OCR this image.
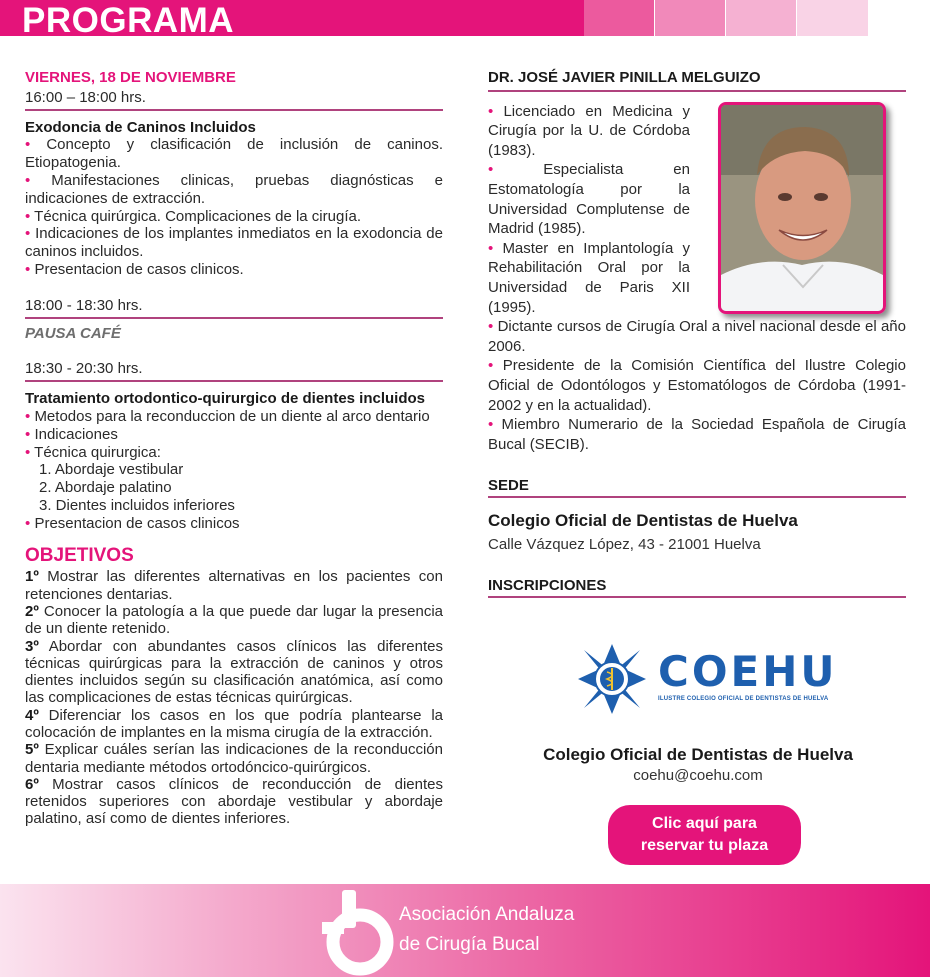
PROGRAMA
VIERNES, 18 DE NOVIEMBRE
16:00 – 18:00 hrs.
Exodoncia de Caninos Incluidos
• Concepto y clasificación de inclusión de caninos. Etiopatogenia.
• Manifestaciones clinicas, pruebas diagnósticas e indicaciones de extracción.
• Técnica quirúrgica. Complicaciones de la cirugía.
• Indicaciones de los implantes inmediatos en la exodoncia de caninos incluidos.
• Presentacion de casos clinicos.
18:00 - 18:30 hrs.
PAUSA CAFÉ
18:30 - 20:30 hrs.
Tratamiento ortodontico-quirurgico de dientes incluidos
• Metodos para la reconduccion de un diente al arco dentario
• Indicaciones
• Técnica quirurgica:
1. Abordaje vestibular
2. Abordaje palatino
3. Dientes incluidos inferiores
• Presentacion de casos clinicos
OBJETIVOS
1º Mostrar las diferentes alternativas en los pacientes con retenciones dentarias.
2º Conocer la patología a la que puede dar lugar la presencia de un diente retenido.
3º Abordar con abundantes casos clínicos las diferentes técnicas quirúrgicas para la extracción de caninos y otros dientes incluidos según su clasificación anatómica, así como las complicaciones de estas técnicas quirúrgicas.
4º Diferenciar los casos en los que podría plantearse la colocación de implantes en la misma cirugía de la extracción.
5º Explicar cuáles serían las indicaciones de la reconducción dentaria mediante métodos ortodóncico-quirúrgicos.
6º Mostrar casos clínicos de reconducción de dientes retenidos superiores con abordaje vestibular y abordaje palatino, así como de dientes inferiores.
DR. JOSÉ JAVIER PINILLA MELGUIZO
• Licenciado en Medicina y Cirugía por la U. de Córdoba (1983).
•	Especialista en Estomatología por la Universidad Complutense de Madrid (1985).
• Master en Implantología y Rehabilitación Oral por la Universidad de Paris XII (1995).
• Dictante cursos de Cirugía Oral a nivel nacional desde el año 2006.
• Presidente de la Comisión Científica del Ilustre Colegio Oficial de Odontólogos y Estomatólogos de Córdoba (1991-2002 y en la actualidad).
• Miembro Numerario de la Sociedad Española de Cirugía Bucal (SECIB).
SEDE
Colegio Oficial de Dentistas de Huelva
Calle Vázquez López, 43 - 21001 Huelva
INSCRIPCIONES
COEHU
ILUSTRE COLEGIO OFICIAL DE DENTISTAS DE HUELVA
Colegio Oficial de Dentistas de Huelva
coehu@coehu.com
Clic aquí para
reservar tu plaza
Asociación Andaluza
de Cirugía Bucal
